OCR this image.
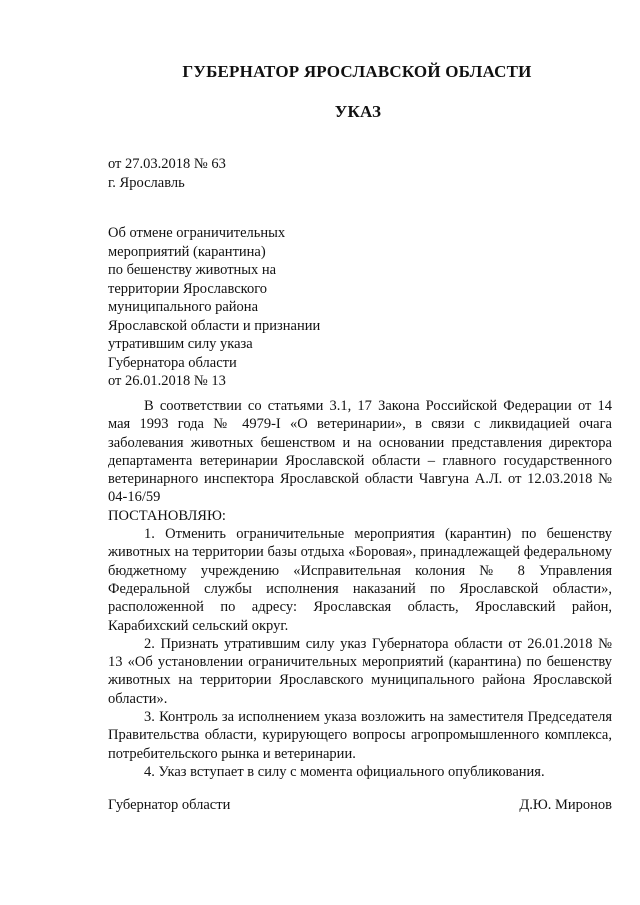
ГУБЕРНАТОР ЯРОСЛАВСКОЙ ОБЛАСТИ
УКАЗ
от 27.03.2018 № 63
г. Ярославль
Об отмене ограничительных
мероприятий (карантина)
по бешенству животных на
территории Ярославского
муниципального района
Ярославской области и признании
утратившим силу указа
Губернатора области
от 26.01.2018 № 13

В соответствии со статьями 3.1, 17 Закона Российской Федерации от 14 мая 1993 года № 4979-I «О ветеринарии», в связи с ликвидацией очага заболевания животных бешенством и на основании представления директора департамента ветеринарии Ярославской области – главного государственного ветеринарного инспектора Ярославской области Чавгуна А.Л. от 12.03.2018 № 04-16/59

ПОСТАНОВЛЯЮ:

1. Отменить ограничительные мероприятия (карантин) по бешенству животных на территории базы отдыха «Боровая», принадлежащей федеральному бюджетному учреждению «Исправительная колония № 8 Управления Федеральной службы исполнения наказаний по Ярославской области», расположенной по адресу: Ярославская область, Ярославский район, Карабихский сельский округ.

2. Признать утратившим силу указ Губернатора области от 26.01.2018 № 13 «Об установлении ограничительных мероприятий (карантина) по бешенству животных на территории Ярославского муниципального района Ярославской области».

3. Контроль за исполнением указа возложить на заместителя Председателя Правительства области, курирующего вопросы агропромышленного комплекса, потребительского рынка и ветеринарии.

4. Указ вступает в силу с момента официального опубликования.

Губернатор области	Д.Ю. Миронов
